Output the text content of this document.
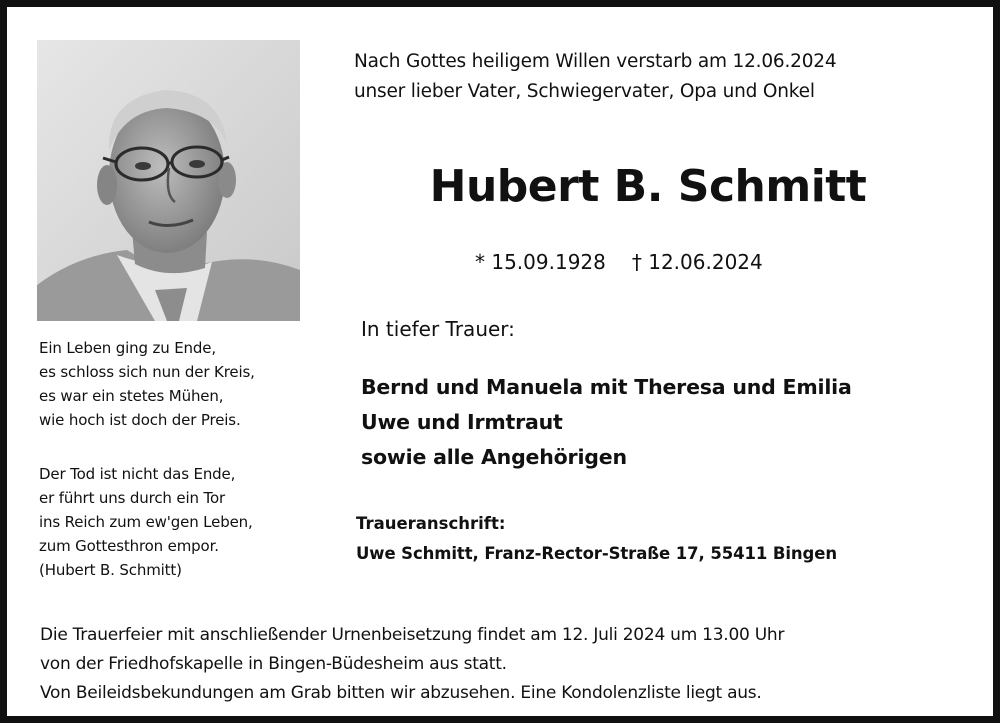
Nach Gottes heiligem Willen verstarb am 12.06.2024

unser lieber Vater, Schwiegervater, Opa und Onkel

Hubert B. Schmitt
* 15.09.1928 † 12.06.2024
In tiefer Trauer:

Bernd und Manuela mit Theresa und Emilia

Uwe und Irmtraut

sowie alle Angehörigen

Traueranschrift:
Uwe Schmitt, Franz-Rector-Straße 17, 55411 Bingen

Ein Leben ging zu Ende,

es schloss sich nun der Kreis,

es war ein stetes Mühen,

wie hoch ist doch der Preis.

Der Tod ist nicht das Ende,

er führt uns durch ein Tor

ins Reich zum ew'gen Leben,

zum Gottesthron empor.

(Hubert B. Schmitt)

Die Trauerfeier mit anschließender Urnenbeisetzung findet am 12. Juli 2024 um 13.00 Uhr

von der Friedhofskapelle in Bingen-Büdesheim aus statt.

Von Beileidsbekundungen am Grab bitten wir abzusehen. Eine Kondolenzliste liegt aus.
